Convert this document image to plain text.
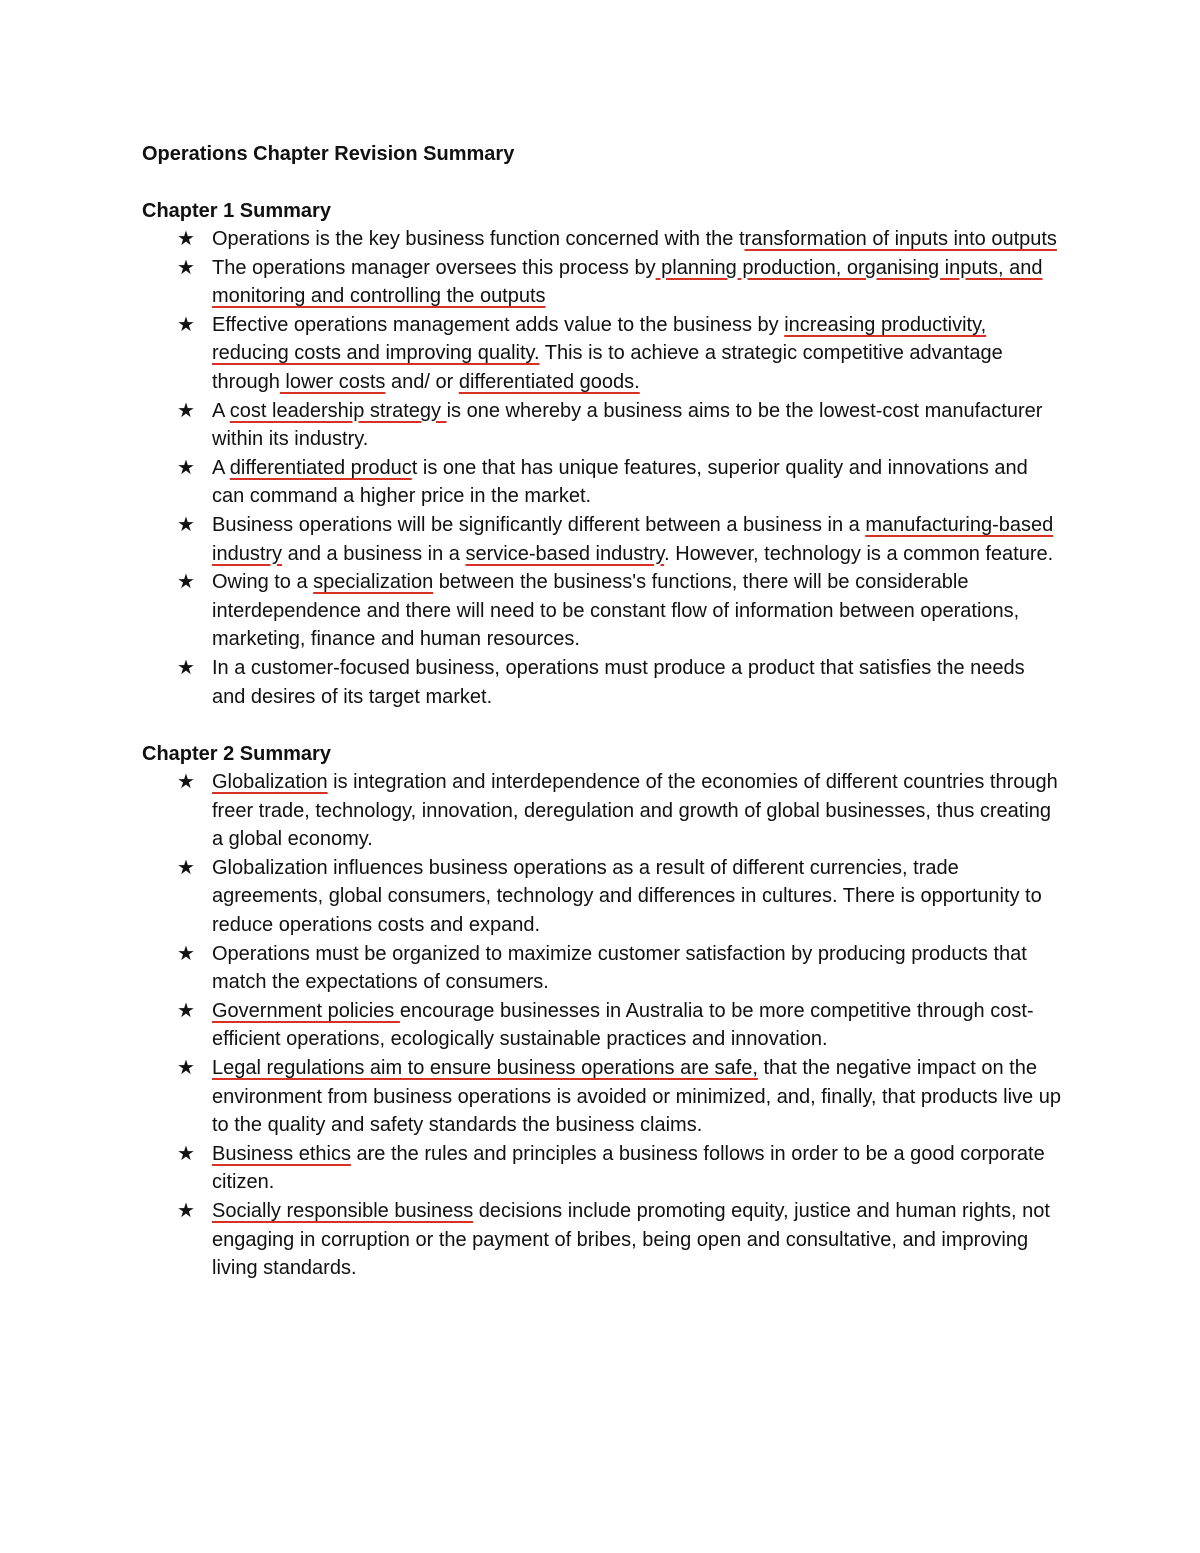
Operations Chapter Revision Summary
Chapter 1 Summary
★ Operations is the key business function concerned with the transformation of inputs into outputs
★ The operations manager oversees this process by planning production, organising inputs, and monitoring and controlling the outputs
★ Effective operations management adds value to the business by increasing productivity, reducing costs and improving quality. This is to achieve a strategic competitive advantage through lower costs and/ or differentiated goods.
★ A cost leadership strategy is one whereby a business aims to be the lowest-cost manufacturer within its industry.
★ A differentiated product is one that has unique features, superior quality and innovations and can command a higher price in the market.
★ Business operations will be significantly different between a business in a manufacturing-based industry and a business in a service-based industry. However, technology is a common feature.
★ Owing to a specialization between the business's functions, there will be considerable interdependence and there will need to be constant flow of information between operations, marketing, finance and human resources.
★ In a customer-focused business, operations must produce a product that satisfies the needs and desires of its target market.
Chapter 2 Summary
★ Globalization is integration and interdependence of the economies of different countries through freer trade, technology, innovation, deregulation and growth of global businesses, thus creating a global economy.
★ Globalization influences business operations as a result of different currencies, trade agreements, global consumers, technology and differences in cultures. There is opportunity to reduce operations costs and expand.
★ Operations must be organized to maximize customer satisfaction by producing products that match the expectations of consumers.
★ Government policies encourage businesses in Australia to be more competitive through cost-efficient operations, ecologically sustainable practices and innovation.
★ Legal regulations aim to ensure business operations are safe, that the negative impact on the environment from business operations is avoided or minimized, and, finally, that products live up to the quality and safety standards the business claims.
★ Business ethics are the rules and principles a business follows in order to be a good corporate citizen.
★ Socially responsible business decisions include promoting equity, justice and human rights, not engaging in corruption or the payment of bribes, being open and consultative, and improving living standards.
